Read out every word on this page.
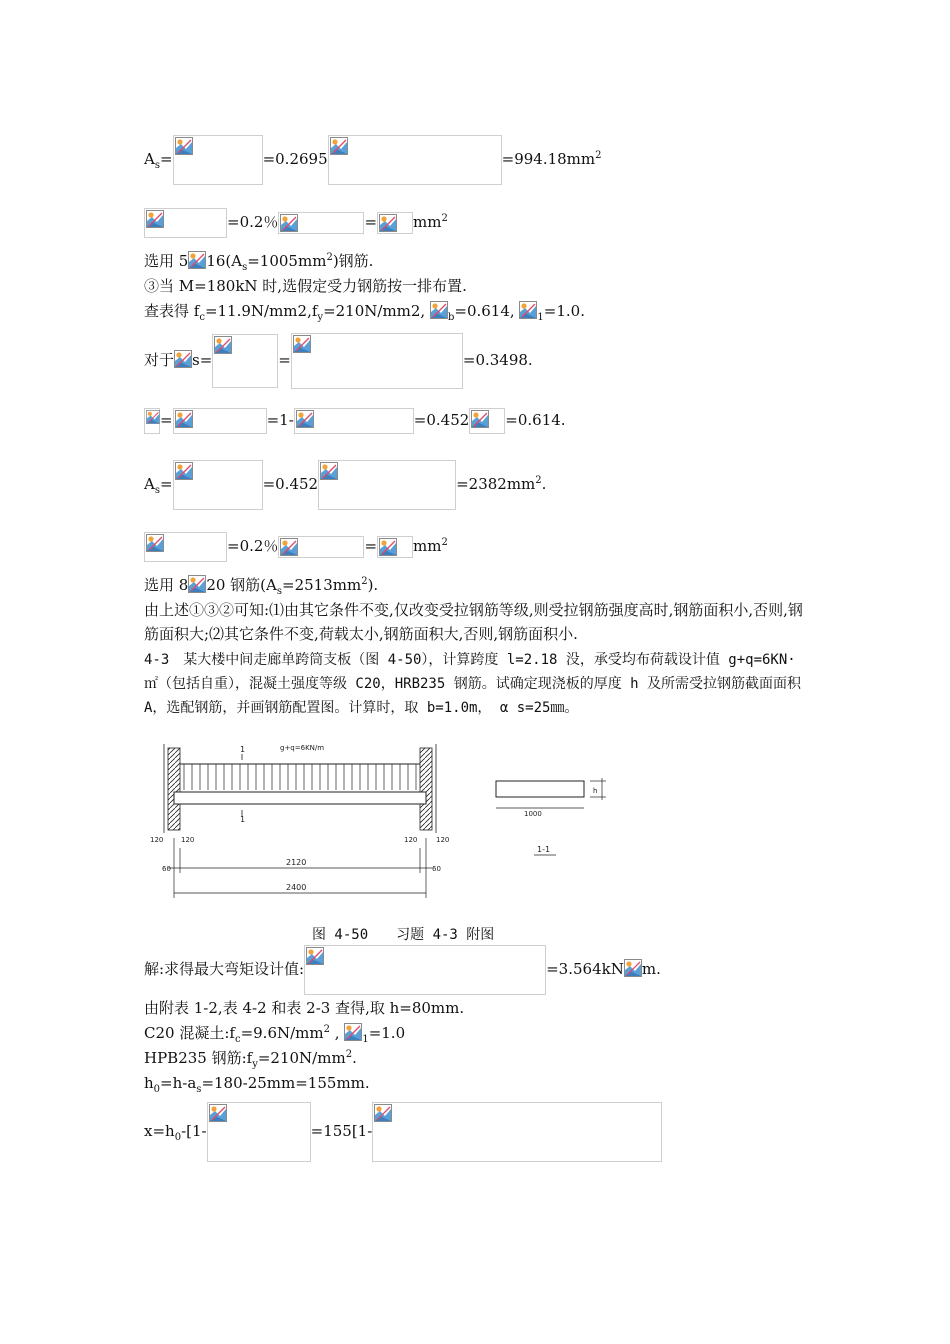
$A_s=$	=0.2695	$=994.18mm^2$
=0.2％	= $mm^2$
选用 5 $16(A_s=1005mm^2)$钢筋.
③当 M=180kN 时,选假定受力钢筋按一排布置.
查表得 $f_c=11.9N/mm2,f_y=210N/mm2$,
$_b$=0.614,
$_1$=1.0.
对于 s=	=	=0.3498.
=	=1-	=0.452 =0.614.
$A_s=$	=0.452	$=2382mm^2$.
=0.2％	= $mm^2$
选用 8 20 钢筋$(A_s=2513mm^2)$.
由上述①③②可知:⑴由其它条件不变,仅改变受拉钢筋等级,则受拉钢筋强度高时,钢筋面积小,否则,钢筋面积大;⑵其它条件不变,荷载太小,钢筋面积大,否则,钢筋面积小.
4-3　某大楼中间走廊单跨筒支板（图 4-50），计算跨度 l=2.18 没，承受均布荷载设计值 g+q=6KN·㎡（包括自重），混凝土强度等级 C20，HRB235 钢筋。试确定现浇板的厚度 h 及所需受拉钢筋截面面积 A，选配钢筋，并画钢筋配置图。计算时，取 b=1.0m， α s=25㎜。
g+q=6KN/m
1
1
120	120	120	120
60
2120
60
2400
h
1000
1-1
图 4-50　　习题 4-3 附图
解:求得最大弯矩设计值:	=3.564kN m.
由附表 1-2,表 4-2 和表 2-3 查得,取 h=80mm.
C20 混凝土$:f_c=9.6N/mm^2$ ,
$_1$=1.0
HPB235 钢筋$:f_y=210N/mm^2$.
$h_0=h-a_s=180-25mm=155mm$.
$x=h_0-[1-$	=155[1-
